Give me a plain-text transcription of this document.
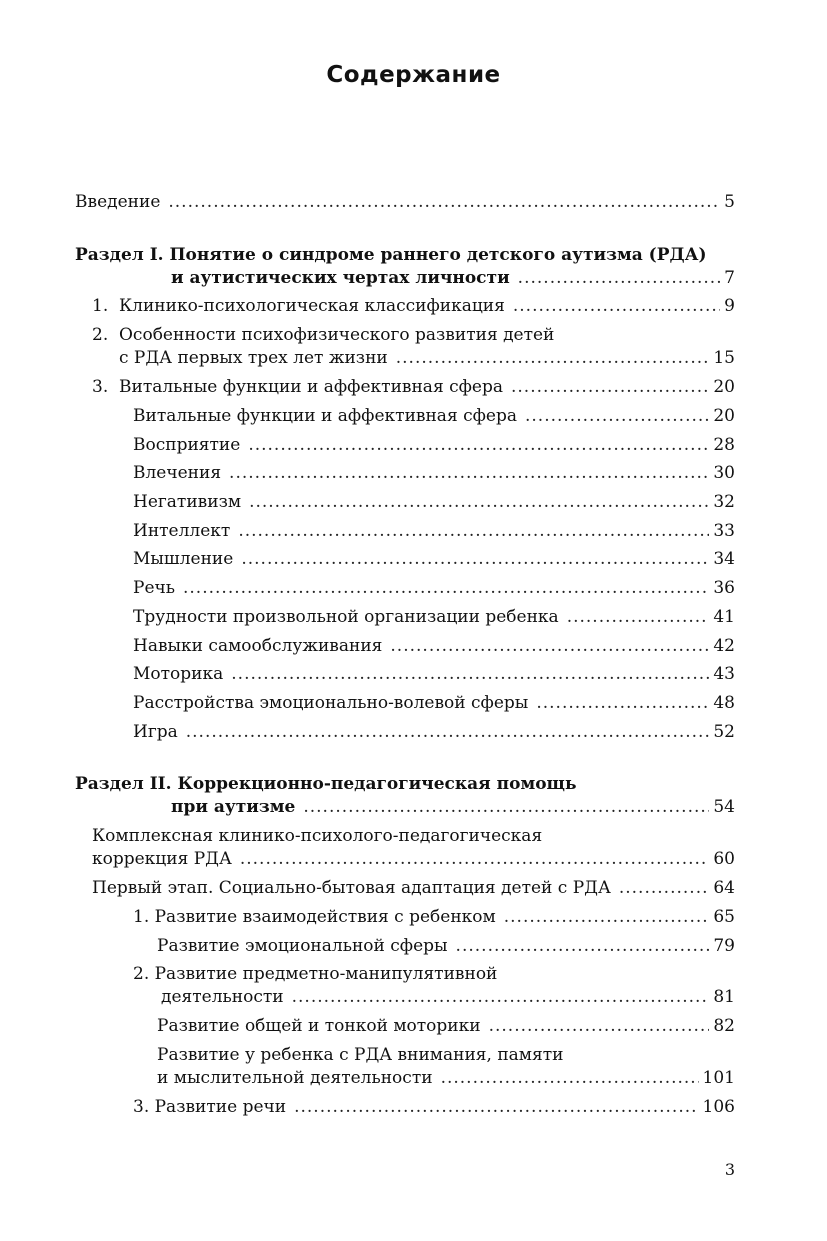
Содержание
Введение .....	5
Раздел I. Понятие о синдроме раннего детского аутизма (РДА)
и аутистических чертах личности .....	7
1. Клинико-психологическая классификация .....	9
2. Особенности психофизического развития детей
с РДА первых трех лет жизни .....	15
3. Витальные функции и аффективная сфера .....	20
Витальные функции и аффективная сфера .....	20
Восприятие .....	28
Влечения .....	30
Негативизм .....	32
Интеллект .....	33
Мышление .....	34
Речь .....	36
Трудности произвольной организации ребенка .....	41
Навыки самообслуживания .....	42
Моторика .....	43
Расстройства эмоционально-волевой сферы .....	48
Игра .....	52
Раздел II. Коррекционно-педагогическая помощь
при аутизме .....	54
Комплексная клинико-психолого-педагогическая
коррекция РДА .....	60
Первый этап. Социально-бытовая адаптация детей с РДА .....	64
1. Развитие взаимодействия с ребенком .....	65
Развитие эмоциональной сферы .....	79
2. Развитие предметно-манипулятивной
деятельности .....	81
Развитие общей и тонкой моторики .....	82
Развитие у ребенка с РДА внимания, памяти
и мыслительной деятельности .....	101
3. Развитие речи .....	106
3
